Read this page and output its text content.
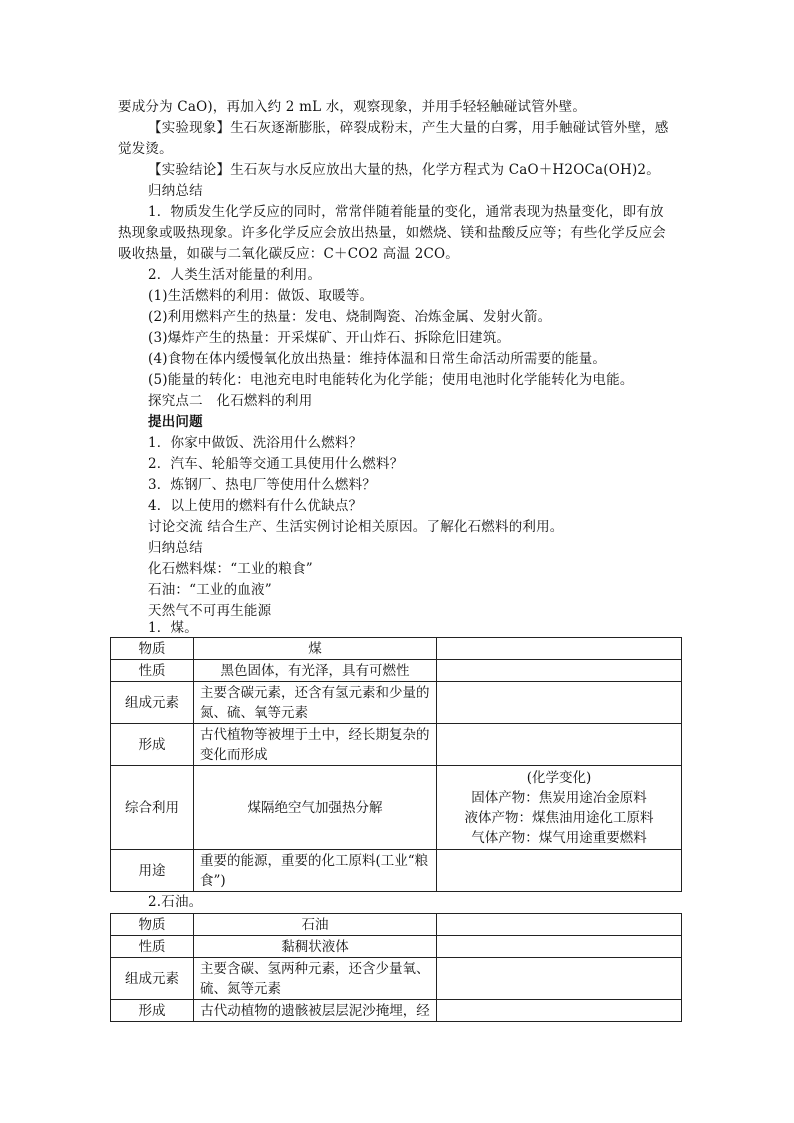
要成分为 CaO)，再加入约 2 mL 水，观察现象，并用手轻轻触碰试管外壁。
【实验现象】生石灰逐渐膨胀，碎裂成粉末，产生大量的白雾，用手触碰试管外壁，感
觉发烫。
【实验结论】生石灰与水反应放出大量的热，化学方程式为 CaO＋H2OCa(OH)2。
归纳总结
1．物质发生化学反应的同时，常常伴随着能量的变化，通常表现为热量变化，即有放
热现象或吸热现象。许多化学反应会放出热量，如燃烧、镁和盐酸反应等；有些化学反应会
吸收热量，如碳与二氧化碳反应：C＋CO2 高温 2CO。
2．人类生活对能量的利用。
(1)生活燃料的利用：做饭、取暖等。
(2)利用燃料产生的热量：发电、烧制陶瓷、冶炼金属、发射火箭。
(3)爆炸产生的热量：开采煤矿、开山炸石、拆除危旧建筑。
(4)食物在体内缓慢氧化放出热量：维持体温和日常生命活动所需要的能量。
(5)能量的转化：电池充电时电能转化为化学能；使用电池时化学能转化为电能。
探究点二　化石燃料的利用
提出问题
1．你家中做饭、洗浴用什么燃料？
2．汽车、轮船等交通工具使用什么燃料？
3．炼钢厂、热电厂等使用什么燃料？
4．以上使用的燃料有什么优缺点？
讨论交流 结合生产、生活实例讨论相关原因。了解化石燃料的利用。
归纳总结
化石燃料煤：“工业的粮食”
石油：“工业的血液”
天然气不可再生能源
1．煤。
物质	煤	
性质	黑色固体，有光泽，具有可燃性	
组成元素	主要含碳元素，还含有氢元素和少量的
氮、硫、氧等元素	

形成	古代植物等被埋于土中，经长期复杂的
变化而形成	

综合利用	煤隔绝空气加强热分解	(化学变化)
固体产物：焦炭用途冶金原料
液体产物：煤焦油用途化工原料
气体产物：煤气用途重要燃料

用途	重要的能源，重要的化工原料(工业“粮
食”)	

2.石油。
物质	石油	
性质	黏稠状液体	
组成元素	主要含碳、氢两种元素，还含少量氧、
硫、氮等元素	

形成	古代动植物的遗骸被层层泥沙掩埋，经	
